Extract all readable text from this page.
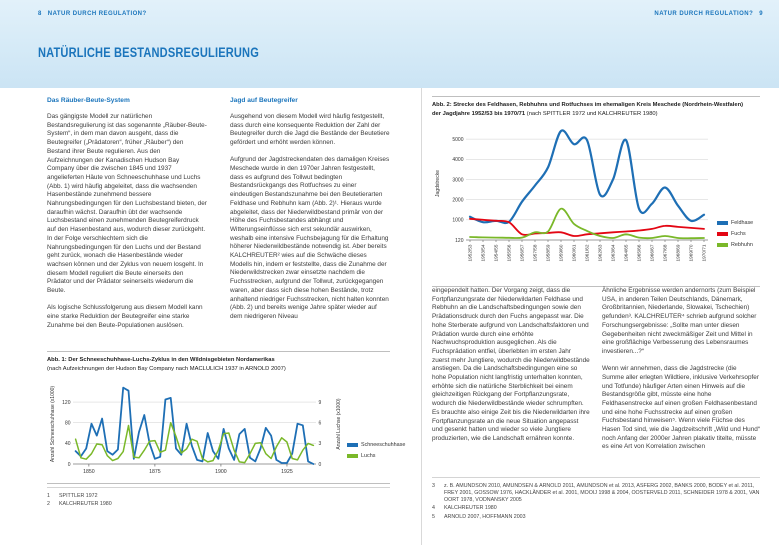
8 NATUR DURCH REGULATION?	NATUR DURCH REGULATION? 9
NATÜRLICHE BESTANDSREGULIERUNG
Das Räuber-Beute-System

Das gängigste Modell zur natürlichen Bestandsregulierung ist das sogenannte „Räuber-Beute-System“, in dem man davon ausgeht, dass die Beutegreifer („Prädatoren“, früher „Räuber“) den Bestand ihrer Beute regulieren. Aus den Aufzeichnungen der Kanadischen Hudson Bay Company über die zwischen 1845 und 1937 angelieferten Häute von Schneeschuhhase und Luchs (Abb. 1) wird häufig abgeleitet, dass die wachsenden Hasenbestände zunehmend bessere Nahrungsbedingungen für den Luchsbestand bieten, der daraufhin wächst. Daraufhin übt der wachsende Luchsbestand einen zunehmenden Beutegreiferdruck auf den Hasenbestand aus, wodurch dieser zurückgeht. In der Folge verschlechtern sich die Nahrungsbedingungen für den Luchs und der Bestand geht zurück, wonach die Hasenbestände wieder wachsen können und der Zyklus von neuem losgeht. In diesem Modell reguliert die Beute einerseits den Prädator und der Prädator seinerseits wiederum die Beute.

Als logische Schlussfolgerung aus diesem Modell kann eine starke Reduktion der Beutegreifer eine starke Zunahme bei den Beute-Populationen auslösen.

Jagd auf Beutegreifer

Ausgehend von diesem Modell wird häufig festgestellt, dass durch eine konsequente Reduktion der Zahl der Beutegreifer durch die Jagd die Bestände der Beutetiere gefördert und erhöht werden können.

Aufgrund der Jagdstreckendaten des damaligen Kreises Meschede wurde in den 1970er Jahren festgestellt, dass es aufgrund des Tollwut bedingten Bestandsrückgangs des Rotfuchses zu einer eindeutigen Bestandszunahme bei den Beutetierarten Feldhase und Rebhuhn kam (Abb. 2)¹. Hieraus wurde abgeleitet, dass der Niederwildbestand primär von der Höhe des Fuchsbestandes abhängt und Witterungseinflüsse sich erst sekundär auswirken, weshalb eine intensive Fuchsbejagung für die Erhaltung höherer Niederwildbestände notwendig ist. Aber bereits KALCHREUTER² wies auf die Schwäche dieses Modells hin, indem er feststellte, dass die Zunahme der Niederwildstrecken zwar einsetzte nachdem die Fuchsstrecken, aufgrund der Tollwut, zurückgegangen waren, aber dass sich diese hohen Bestände, trotz anhaltend niedriger Fuchsstrecken, nicht halten konnten (Abb. 2) und bereits wenige Jahre später wieder auf dem niedrigeren Niveau

Abb. 1: Der Schneeschuhhase-Luchs-Zyklus in den Wildnisgebieten Nordamerikas
(nach Aufzeichnungen der Hudson Bay Company nach MACLULICH 1937 in ARNOLD 2007)
0
40
80
120
0
3
6
9
1850	1875	1900	1925
Anzahl Schneeschuhhase (x1000)	Anzahl Luchse (x1000)	Schneeschuhhase
Luchs
1	SPITTLER 1972
2	KALCHREUTER 1980
Abb. 2: Strecke des Feldhasen, Rebhuhns und Rotfuchses im ehemaligen Kreis Meschede (Nordrhein-Westfalen)
der Jagdjahre 1952/53 bis 1970/71 (nach SPITTLER 1972 und KALCHREUTER 1980)
120
1000
2000
3000
4000
5000
1952/53 1953/54 1954/55 1955/56 1956/57 1957/58 1958/59 1959/60 1960/61 1961/62 1962/63 1963/64 1964/65 1965/66 1966/67 1967/68 1968/69 1969/70 1970/71
Jagdstrecke
Feldhase
Fuchs
Rebhuhn

eingependelt hatten. Der Vorgang zeigt, dass die Fortpflanzungsrate der Niederwildarten Feldhase und Rebhuhn an die Landschaftsbedingungen sowie den Prädationsdruck durch den Fuchs angepasst war. Die hohe Sterberate aufgrund von Landschaftsfaktoren und Prädation wurde durch eine erhöhte Nachwuchsproduktion ausgeglichen. Als die Fuchsprädation entfiel, überlebten im ersten Jahr zuerst mehr Jungtiere, wodurch die Niederwildbestände anstiegen. Da die Landschaftsbedingungen eine so hohe Population nicht langfristig unterhalten konnten, erhöhte sich die natürliche Sterblichkeit bei einem gleichzeitigen Rückgang der Fortpflanzungsrate, wodurch die Niederwildbestände wieder schrumpften. Es brauchte also einige Zeit bis die Niederwildarten ihre Fortpflanzungsrate an die neue Situation angepasst und gesenkt hatten und wieder so viele Jungtiere produzierten, wie die Landschaft ernähren konnte.

Ähnliche Ergebnisse werden andernorts (zum Beispiel USA, in anderen Teilen Deutschlands, Dänemark, Großbritannien, Niederlande, Slowakei, Tschechien) gefunden³. KALCHREUTER⁴ schrieb aufgrund solcher Forschungsergebnisse: „Sollte man unter diesen Gegebenheiten nicht zweckmäßiger Zeit und Mittel in eine großflächige Verbesserung des Lebensraumes investieren...?“

Wenn wir annehmen, dass die Jagdstrecke (die Summe aller erlegten Wildtiere, inklusive Verkehrsopfer und Totfunde) häufiger Arten einen Hinweis auf die Bestandsgröße gibt, müsste eine hohe Feldhasenstrecke auf einen großen Feldhasenbestand und eine hohe Fuchsstrecke auf einen großen Fuchsbestand hinweisen⁵. Wenn viele Füchse des Hasen Tod sind, wie die Jagdzeitschrift „Wild und Hund“ noch Anfang der 2000er Jahren plakativ titelte, müsste es eine Art von Korrelation zwischen

3	z. B. AMUNDSON 2010, AMUNDSEN & ARNOLD 2011, AMUNDSON et al. 2013, ASFERG 2002, BANKS 2000, BODEY et al. 2011, FREY 2001, GOSSOW 1976, HACKLÄNDER et al. 2001, MOOIJ 1998 & 2004, OOSTERVELD 2011, SCHNEIDER 1978 & 2001, VAN OORT 1978, VODNANSKY 2005
4	KALCHREUTER 1980
5	ARNOLD 2007, HOFFMANN 2003
